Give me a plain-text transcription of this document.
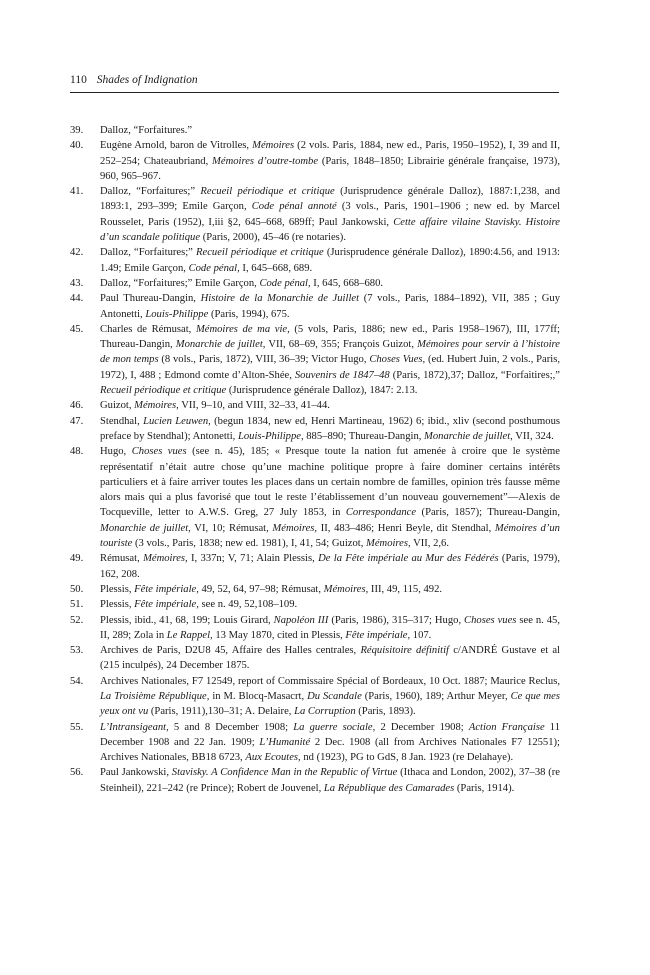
110 Shades of Indignation
39. Dalloz, “Forfaitures.”
40. Eugène Arnold, baron de Vitrolles, Mémoires (2 vols. Paris, 1884, new ed., Paris, 1950–1952), I, 39 and II, 252–254; Chateaubriand, Mémoires d’outre-tombe (Paris, 1848–1850; Librairie générale française, 1973), 960, 965–967.
41. Dalloz, “Forfaitures;” Recueil périodique et critique (Jurisprudence générale Dalloz), 1887:1,238, and 1893:1, 293–399; Emile Garçon, Code pénal annoté (3 vols., Paris, 1901–1906 ; new ed. by Marcel Rousselet, Paris (1952), I,iii §2, 645–668, 689ff; Paul Jankowski, Cette affaire vilaine Stavisky. Histoire d’un scandale politique (Paris, 2000), 45–46 (re notaries).
42. Dalloz, “Forfaitures;” Recueil périodique et critique (Jurisprudence générale Dalloz), 1890:4.56, and 1913: 1.49; Emile Garçon, Code pénal, I, 645–668, 689.
43. Dalloz, “Forfaitures;” Emile Garçon, Code pénal, I, 645, 668–680.
44. Paul Thureau-Dangin, Histoire de la Monarchie de Juillet (7 vols., Paris, 1884–1892), VII, 385 ; Guy Antonetti, Louis-Philippe (Paris, 1994), 675.
45. Charles de Rémusat, Mémoires de ma vie, (5 vols, Paris, 1886; new ed., Paris 1958–1967), III, 177ff; Thureau-Dangin, Monarchie de juillet, VII, 68–69, 355; François Guizot, Mémoires pour servir à l’histoire de mon temps (8 vols., Paris, 1872), VIII, 36–39; Victor Hugo, Choses Vues, (ed. Hubert Juin, 2 vols., Paris, 1972), I, 488 ; Edmond comte d’Alton-Shée, Souvenirs de 1847–48 (Paris, 1872),37; Dalloz, “Forfaitires;,” Recueil périodique et critique (Jurisprudence générale Dalloz), 1847: 2.13.
46. Guizot, Mémoires, VII, 9–10, and VIII, 32–33, 41–44.
47. Stendhal, Lucien Leuwen, (begun 1834, new ed, Henri Martineau, 1962) 6; ibid., xliv (second posthumous preface by Stendhal); Antonetti, Louis-Philippe, 885–890; Thureau-Dangin, Monarchie de juillet, VII, 324.
48. Hugo, Choses vues (see n. 45), 185; « Presque toute la nation fut amenée à croire que le système représentatif n’était autre chose qu’une machine politique propre à faire dominer certains intérêts particuliers et à faire arriver toutes les places dans un certain nombre de familles, opinion très fausse même alors mais qui a plus favorisé que tout le reste l’établissement d’un nouveau gouvernement”—Alexis de Tocqueville, letter to A.W.S. Greg, 27 July 1853, in Correspondance (Paris, 1857); Thureau-Dangin, Monarchie de juillet, VI, 10; Rémusat, Mémoires, II, 483–486; Henri Beyle, dit Stendhal, Mémoires d’un touriste (3 vols., Paris, 1838; new ed. 1981), I, 41, 54; Guizot, Mémoires, VII, 2,6.
49. Rémusat, Mémoires, I, 337n; V, 71; Alain Plessis, De la Fête impériale au Mur des Fédérés (Paris, 1979), 162, 208.
50. Plessis, Fête impériale, 49, 52, 64, 97–98; Rémusat, Mémoires, III, 49, 115, 492.
51. Plessis, Fête impériale, see n. 49, 52,108–109.
52. Plessis, ibid., 41, 68, 199; Louis Girard, Napoléon III (Paris, 1986), 315–317; Hugo, Choses vues see n. 45, II, 289; Zola in Le Rappel, 13 May 1870, cited in Plessis, Fête impériale, 107.
53. Archives de Paris, D2U8 45, Affaire des Halles centrales, Réquisitoire définitif c/ANDRÉ Gustave et al (215 inculpés), 24 December 1875.
54. Archives Nationales, F7 12549, report of Commissaire Spécial of Bordeaux, 10 Oct. 1887; Maurice Reclus, La Troisième République, in M. Blocq-Masacrt, Du Scandale (Paris, 1960), 189; Arthur Meyer, Ce que mes yeux ont vu (Paris, 1911),130–31; A. Delaire, La Corruption (Paris, 1893).
55. L’Intransigeant, 5 and 8 December 1908; La guerre sociale, 2 December 1908; Action Française 11 December 1908 and 22 Jan. 1909; L’Humanité 2 Dec. 1908 (all from Archives Nationales F7 12551); Archives Nationales, BB18 6723, Aux Ecoutes, nd (1923), PG to GdS, 8 Jan. 1923 (re Delahaye).
56. Paul Jankowski, Stavisky. A Confidence Man in the Republic of Virtue (Ithaca and London, 2002), 37–38 (re Steinheil), 221–242 (re Prince); Robert de Jouvenel, La République des Camarades (Paris, 1914).
